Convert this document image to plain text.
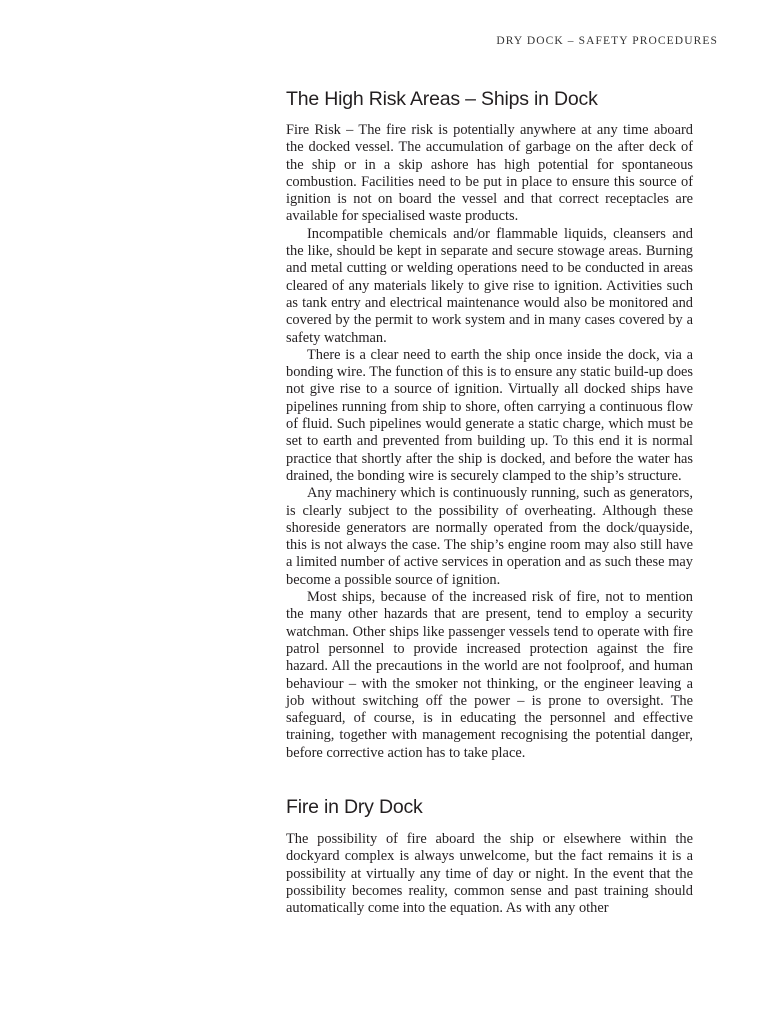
DRY DOCK – SAFETY PROCEDURES
The High Risk Areas – Ships in Dock

Fire Risk – The fire risk is potentially anywhere at any time aboard the docked vessel. The accumulation of garbage on the after deck of the ship or in a skip ashore has high potential for spontaneous combustion. Facilities need to be put in place to ensure this source of ignition is not on board the vessel and that correct receptacles are available for specialised waste products.

Incompatible chemicals and/or flammable liquids, cleansers and the like, should be kept in separate and secure stowage areas. Burning and metal cutting or welding operations need to be conducted in areas cleared of any materials likely to give rise to ignition. Activities such as tank entry and electrical maintenance would also be monitored and covered by the permit to work system and in many cases covered by a safety watchman.

There is a clear need to earth the ship once inside the dock, via a bonding wire. The function of this is to ensure any static build-up does not give rise to a source of ignition. Virtually all docked ships have pipelines running from ship to shore, often carrying a continuous flow of fluid. Such pipelines would generate a static charge, which must be set to earth and prevented from building up. To this end it is normal practice that shortly after the ship is docked, and before the water has drained, the bonding wire is securely clamped to the ship’s structure.

Any machinery which is continuously running, such as generators, is clearly subject to the possibility of overheating. Although these shoreside generators are normally operated from the dock/​quayside, this is not always the case. The ship’s engine room may also still have a limited number of active services in operation and as such these may become a possible source of ignition.

Most ships, because of the increased risk of fire, not to mention the many other hazards that are present, tend to employ a security watchman. Other ships like passenger vessels tend to operate with fire patrol personnel to provide increased protection against the fire hazard. All the precautions in the world are not foolproof, and human behaviour – with the smoker not thinking, or the engineer leaving a job without switching off the power – is prone to oversight. The safeguard, of course, is in educating the personnel and effective training, together with management recognising the potential danger, before corrective action has to take place.

Fire in Dry Dock

The possibility of fire aboard the ship or elsewhere within the dockyard complex is always unwelcome, but the fact remains it is a possibility at virtually any time of day or night. In the event that the possibility becomes reality, common sense and past training should automatically come into the equation. As with any other
